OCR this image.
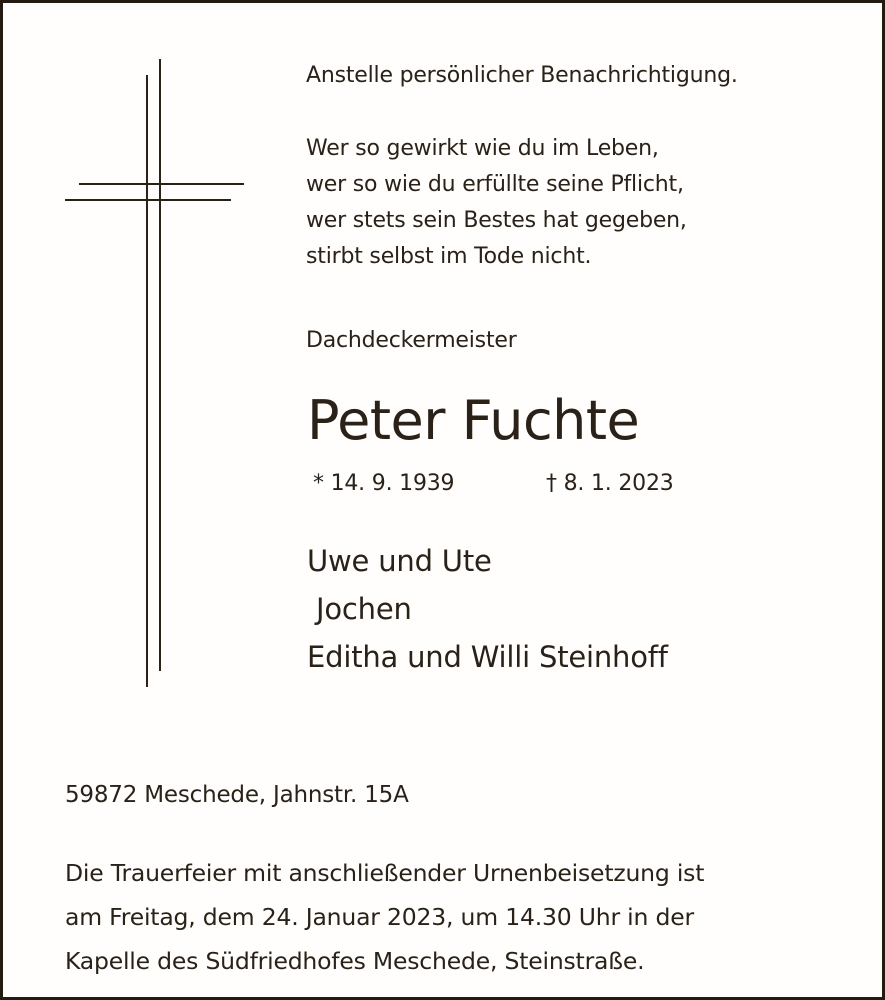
Anstelle persönlicher Benachrichtigung.
Wer so gewirkt wie du im Leben,
wer so wie du erfüllte seine Pflicht,
wer stets sein Bestes hat gegeben,
stirbt selbst im Tode nicht.
Dachdeckermeister
Peter Fuchte
* 14. 9. 1939	† 8. 1. 2023
Uwe und Ute
Jochen
Editha und Willi Steinhoff
59872 Meschede, Jahnstr. 15A
Die Trauerfeier mit anschließender Urnenbeisetzung ist
am Freitag, dem 24. Januar 2023, um 14.30 Uhr in der
Kapelle des Südfriedhofes Meschede, Steinstraße.
